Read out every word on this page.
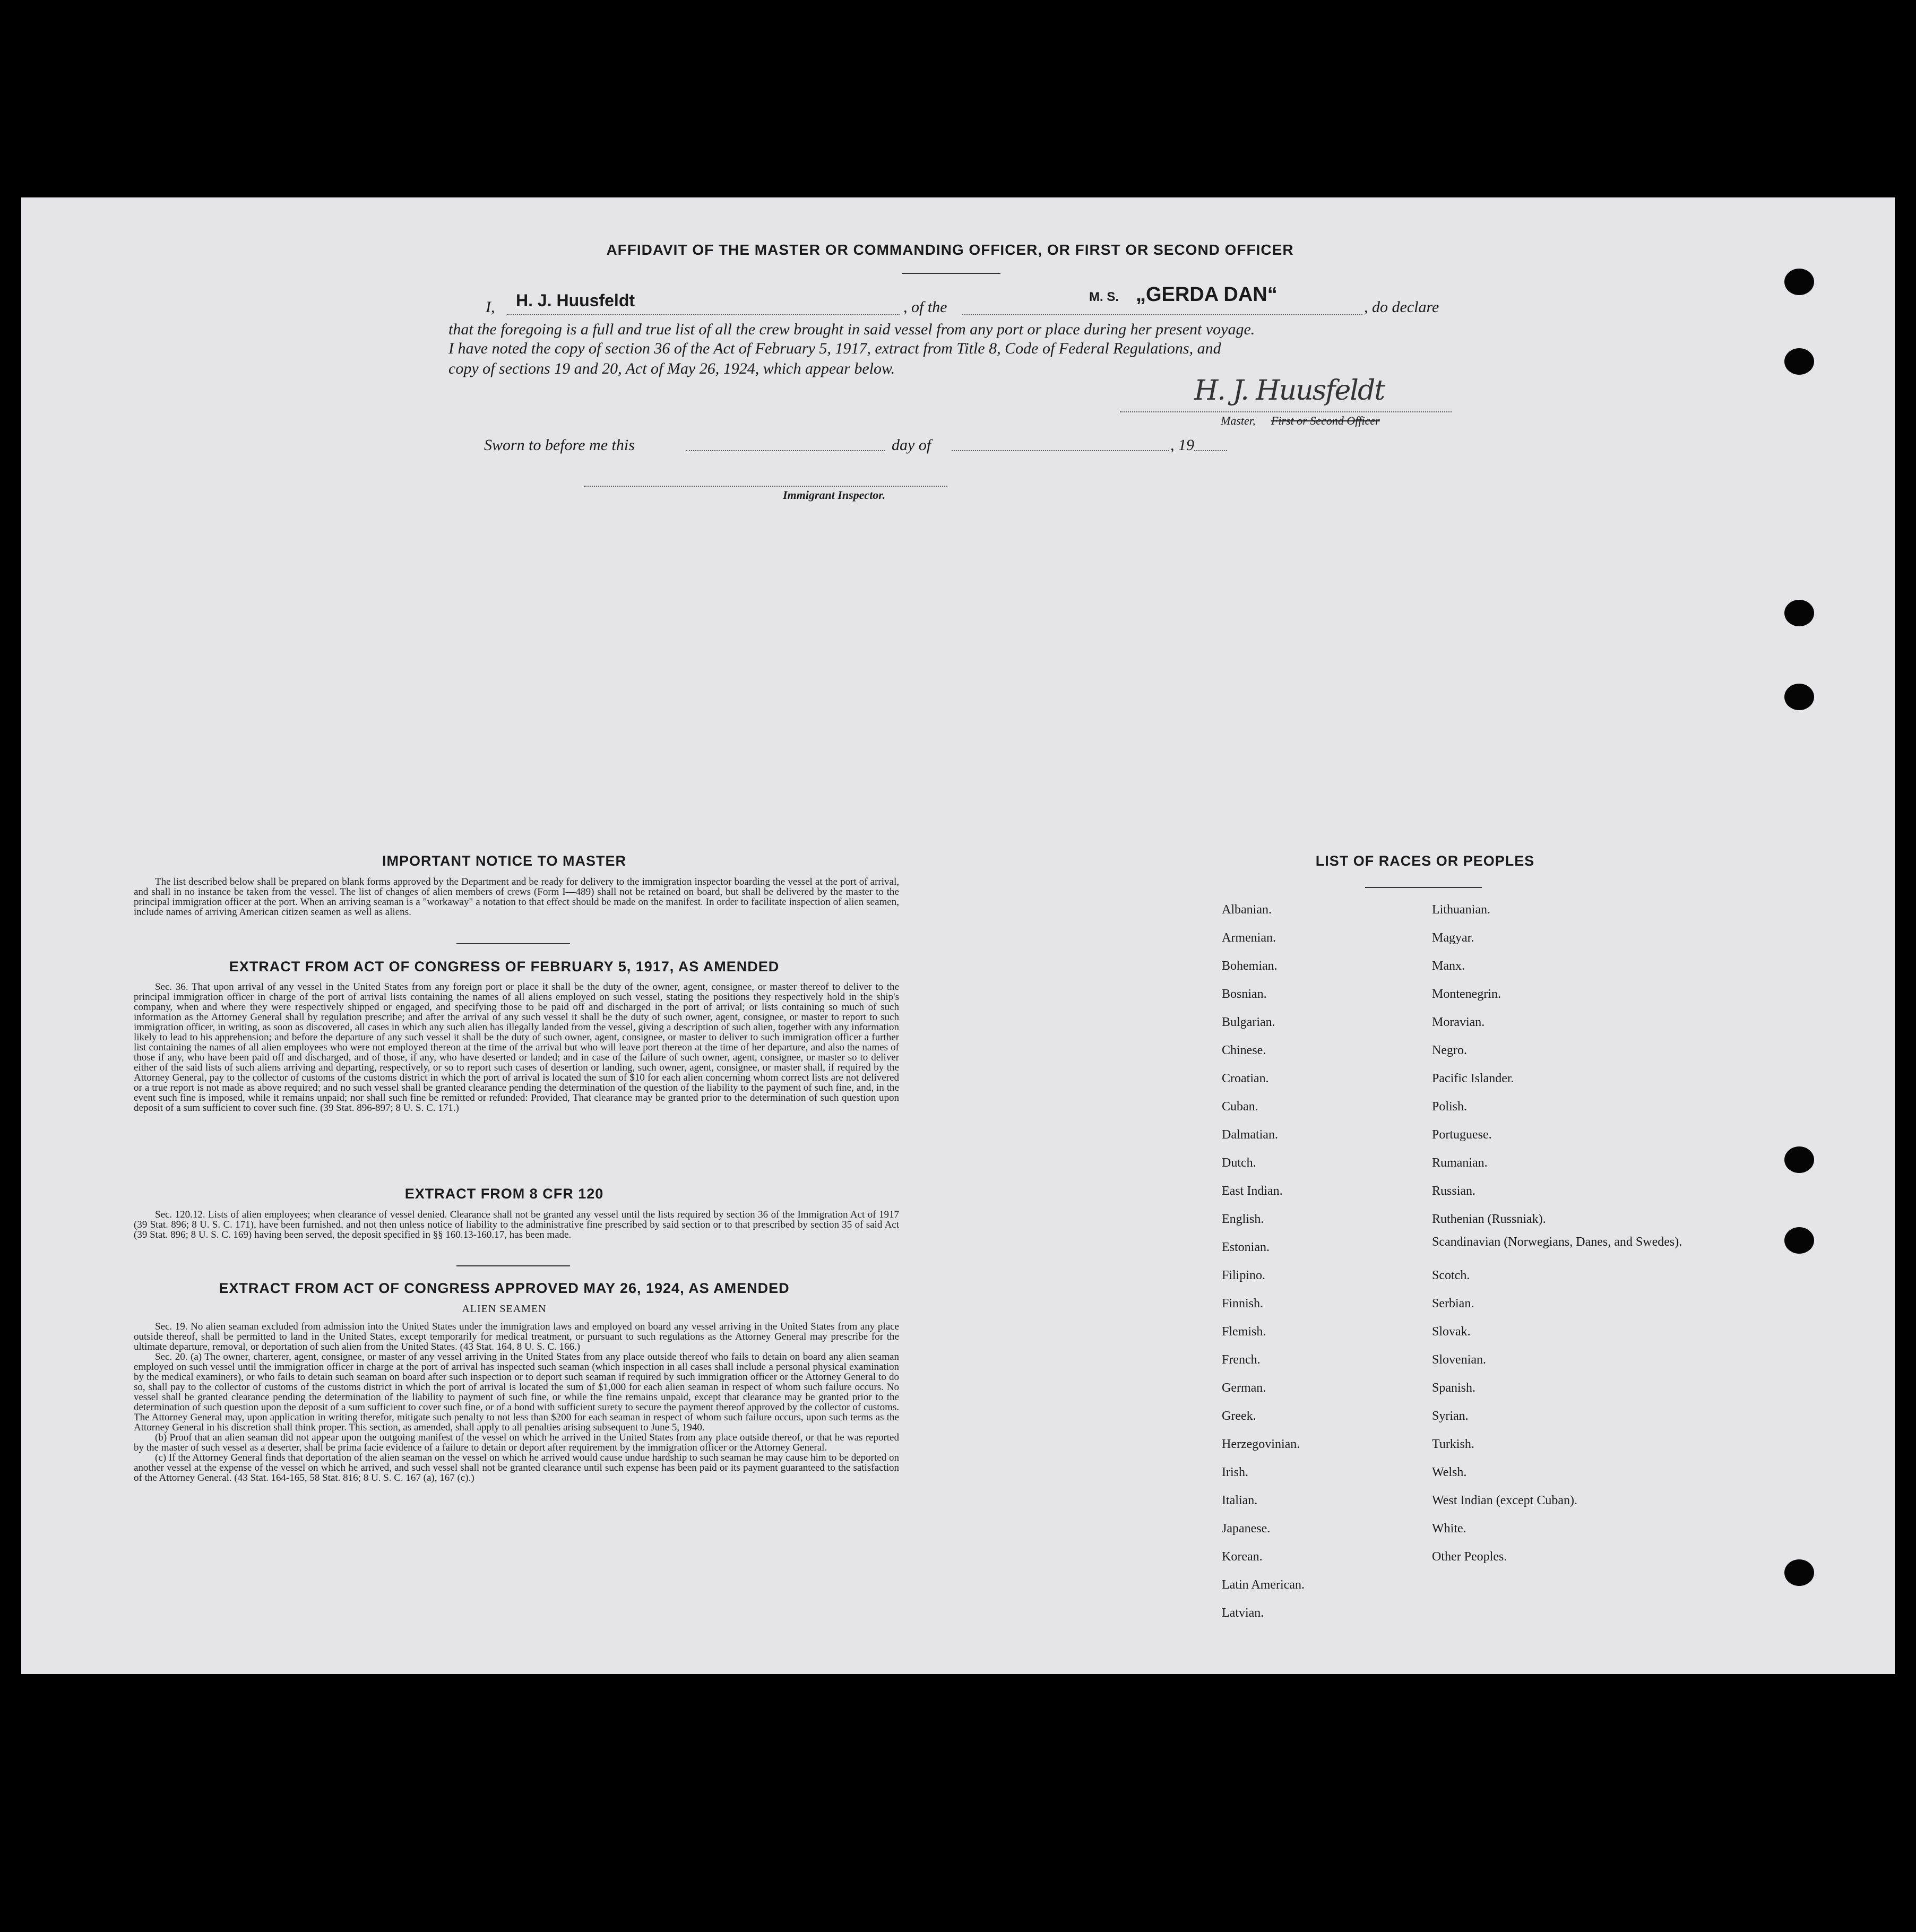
AFFIDAVIT OF THE MASTER OR COMMANDING OFFICER, OR FIRST OR SECOND OFFICER
I, H. J. Huusfeldt	, of the
M. S. „GERDA DAN“
, do declare
that the foregoing is a full and true list of all the crew brought in said vessel from any port or place during her present voyage.
I have noted the copy of section 36 of the Act of February 5, 1917, extract from Title 8, Code of Federal Regulations, and
copy of sections 19 and 20, Act of May 26, 1924, which appear below.
H. J. Huusfeldt
Master, First or Second Officer
Sworn to before me this	day of	, 19
Immigrant Inspector.
IMPORTANT NOTICE TO MASTER

The list described below shall be prepared on blank forms approved by the Department and be ready for delivery to the immigration inspector boarding the vessel at the port of arrival, and shall in no instance be taken from the vessel. The list of changes of alien members of crews (Form I—489) shall not be retained on board, but shall be delivered by the master to the principal immigration officer at the port. When an arriving seaman is a "workaway" a notation to that effect should be made on the manifest. In order to facilitate inspection of alien seamen, include names of arriving American citizen seamen as well as aliens.

EXTRACT FROM ACT OF CONGRESS OF FEBRUARY 5, 1917, AS AMENDED

Sec. 36. That upon arrival of any vessel in the United States from any foreign port or place it shall be the duty of the owner, agent, consignee, or master thereof to deliver to the principal immigration officer in charge of the port of arrival lists containing the names of all aliens employed on such vessel, stating the positions they respectively hold in the ship's company, when and where they were respectively shipped or engaged, and specifying those to be paid off and discharged in the port of arrival; or lists containing so much of such information as the Attorney General shall by regulation prescribe; and after the arrival of any such vessel it shall be the duty of such owner, agent, consignee, or master to report to such immigration officer, in writing, as soon as discovered, all cases in which any such alien has illegally landed from the vessel, giving a description of such alien, together with any information likely to lead to his apprehension; and before the departure of any such vessel it shall be the duty of such owner, agent, consignee, or master to deliver to such immigration officer a further list containing the names of all alien employees who were not employed thereon at the time of the arrival but who will leave port thereon at the time of her departure, and also the names of those if any, who have been paid off and discharged, and of those, if any, who have deserted or landed; and in case of the failure of such owner, agent, consignee, or master so to deliver either of the said lists of such aliens arriving and departing, respectively, or so to report such cases of desertion or landing, such owner, agent, consignee, or master shall, if required by the Attorney General, pay to the collector of customs of the customs district in which the port of arrival is located the sum of $10 for each alien concerning whom correct lists are not delivered or a true report is not made as above required; and no such vessel shall be granted clearance pending the determination of the question of the liability to the payment of such fine, and, in the event such fine is imposed, while it remains unpaid; nor shall such fine be remitted or refunded: Provided, That clearance may be granted prior to the determination of such question upon deposit of a sum sufficient to cover such fine. (39 Stat. 896-897; 8 U. S. C. 171.)

EXTRACT FROM 8 CFR 120

Sec. 120.12. Lists of alien employees; when clearance of vessel denied. Clearance shall not be granted any vessel until the lists required by section 36 of the Immigration Act of 1917 (39 Stat. 896; 8 U. S. C. 171), have been furnished, and not then unless notice of liability to the administrative fine prescribed by said section or to that prescribed by section 35 of said Act (39 Stat. 896; 8 U. S. C. 169) having been served, the deposit specified in §§ 160.13-160.17, has been made.

EXTRACT FROM ACT OF CONGRESS APPROVED MAY 26, 1924, AS AMENDED
ALIEN SEAMEN

Sec. 19. No alien seaman excluded from admission into the United States under the immigration laws and employed on board any vessel arriving in the United States from any place outside thereof, shall be permitted to land in the United States, except temporarily for medical treatment, or pursuant to such regulations as the Attorney General may prescribe for the ultimate departure, removal, or deportation of such alien from the United States. (43 Stat. 164, 8 U. S. C. 166.)

Sec. 20. (a) The owner, charterer, agent, consignee, or master of any vessel arriving in the United States from any place outside thereof who fails to detain on board any alien seaman employed on such vessel until the immigration officer in charge at the port of arrival has inspected such seaman (which inspection in all cases shall include a personal physical examination by the medical examiners), or who fails to detain such seaman on board after such inspection or to deport such seaman if required by such immigration officer or the Attorney General to do so, shall pay to the collector of customs of the customs district in which the port of arrival is located the sum of $1,000 for each alien seaman in respect of whom such failure occurs. No vessel shall be granted clearance pending the determination of the liability to payment of such fine, or while the fine remains unpaid, except that clearance may be granted prior to the determination of such question upon the deposit of a sum sufficient to cover such fine, or of a bond with sufficient surety to secure the payment thereof approved by the collector of customs. The Attorney General may, upon application in writing therefor, mitigate such penalty to not less than $200 for each seaman in respect of whom such failure occurs, upon such terms as the Attorney General in his discretion shall think proper. This section, as amended, shall apply to all penalties arising subsequent to June 5, 1940.

(b) Proof that an alien seaman did not appear upon the outgoing manifest of the vessel on which he arrived in the United States from any place outside thereof, or that he was reported by the master of such vessel as a deserter, shall be prima facie evidence of a failure to detain or deport after requirement by the immigration officer or the Attorney General.

(c) If the Attorney General finds that deportation of the alien seaman on the vessel on which he arrived would cause undue hardship to such seaman he may cause him to be deported on another vessel at the expense of the vessel on which he arrived, and such vessel shall not be granted clearance until such expense has been paid or its payment guaranteed to the satisfaction of the Attorney General. (43 Stat. 164-165, 58 Stat. 816; 8 U. S. C. 167 (a), 167 (c).)

LIST OF RACES OR PEOPLES
Albanian.
Armenian.
Bohemian.
Bosnian.
Bulgarian.
Chinese.
Croatian.
Cuban.
Dalmatian.
Dutch.
East Indian.
English.
Estonian.
Filipino.
Finnish.
Flemish.
French.
German.
Greek.
Herzegovinian.
Irish.
Italian.
Japanese.
Korean.
Latin American.
Latvian.
Lithuanian.
Magyar.
Manx.
Montenegrin.
Moravian.
Negro.
Pacific Islander.
Polish.
Portuguese.
Rumanian.
Russian.
Ruthenian (Russniak).
Scandinavian (Norwegians, Danes, and Swedes).
Scotch.
Serbian.
Slovak.
Slovenian.
Spanish.
Syrian.
Turkish.
Welsh.
West Indian (except Cuban).
White.
Other Peoples.
